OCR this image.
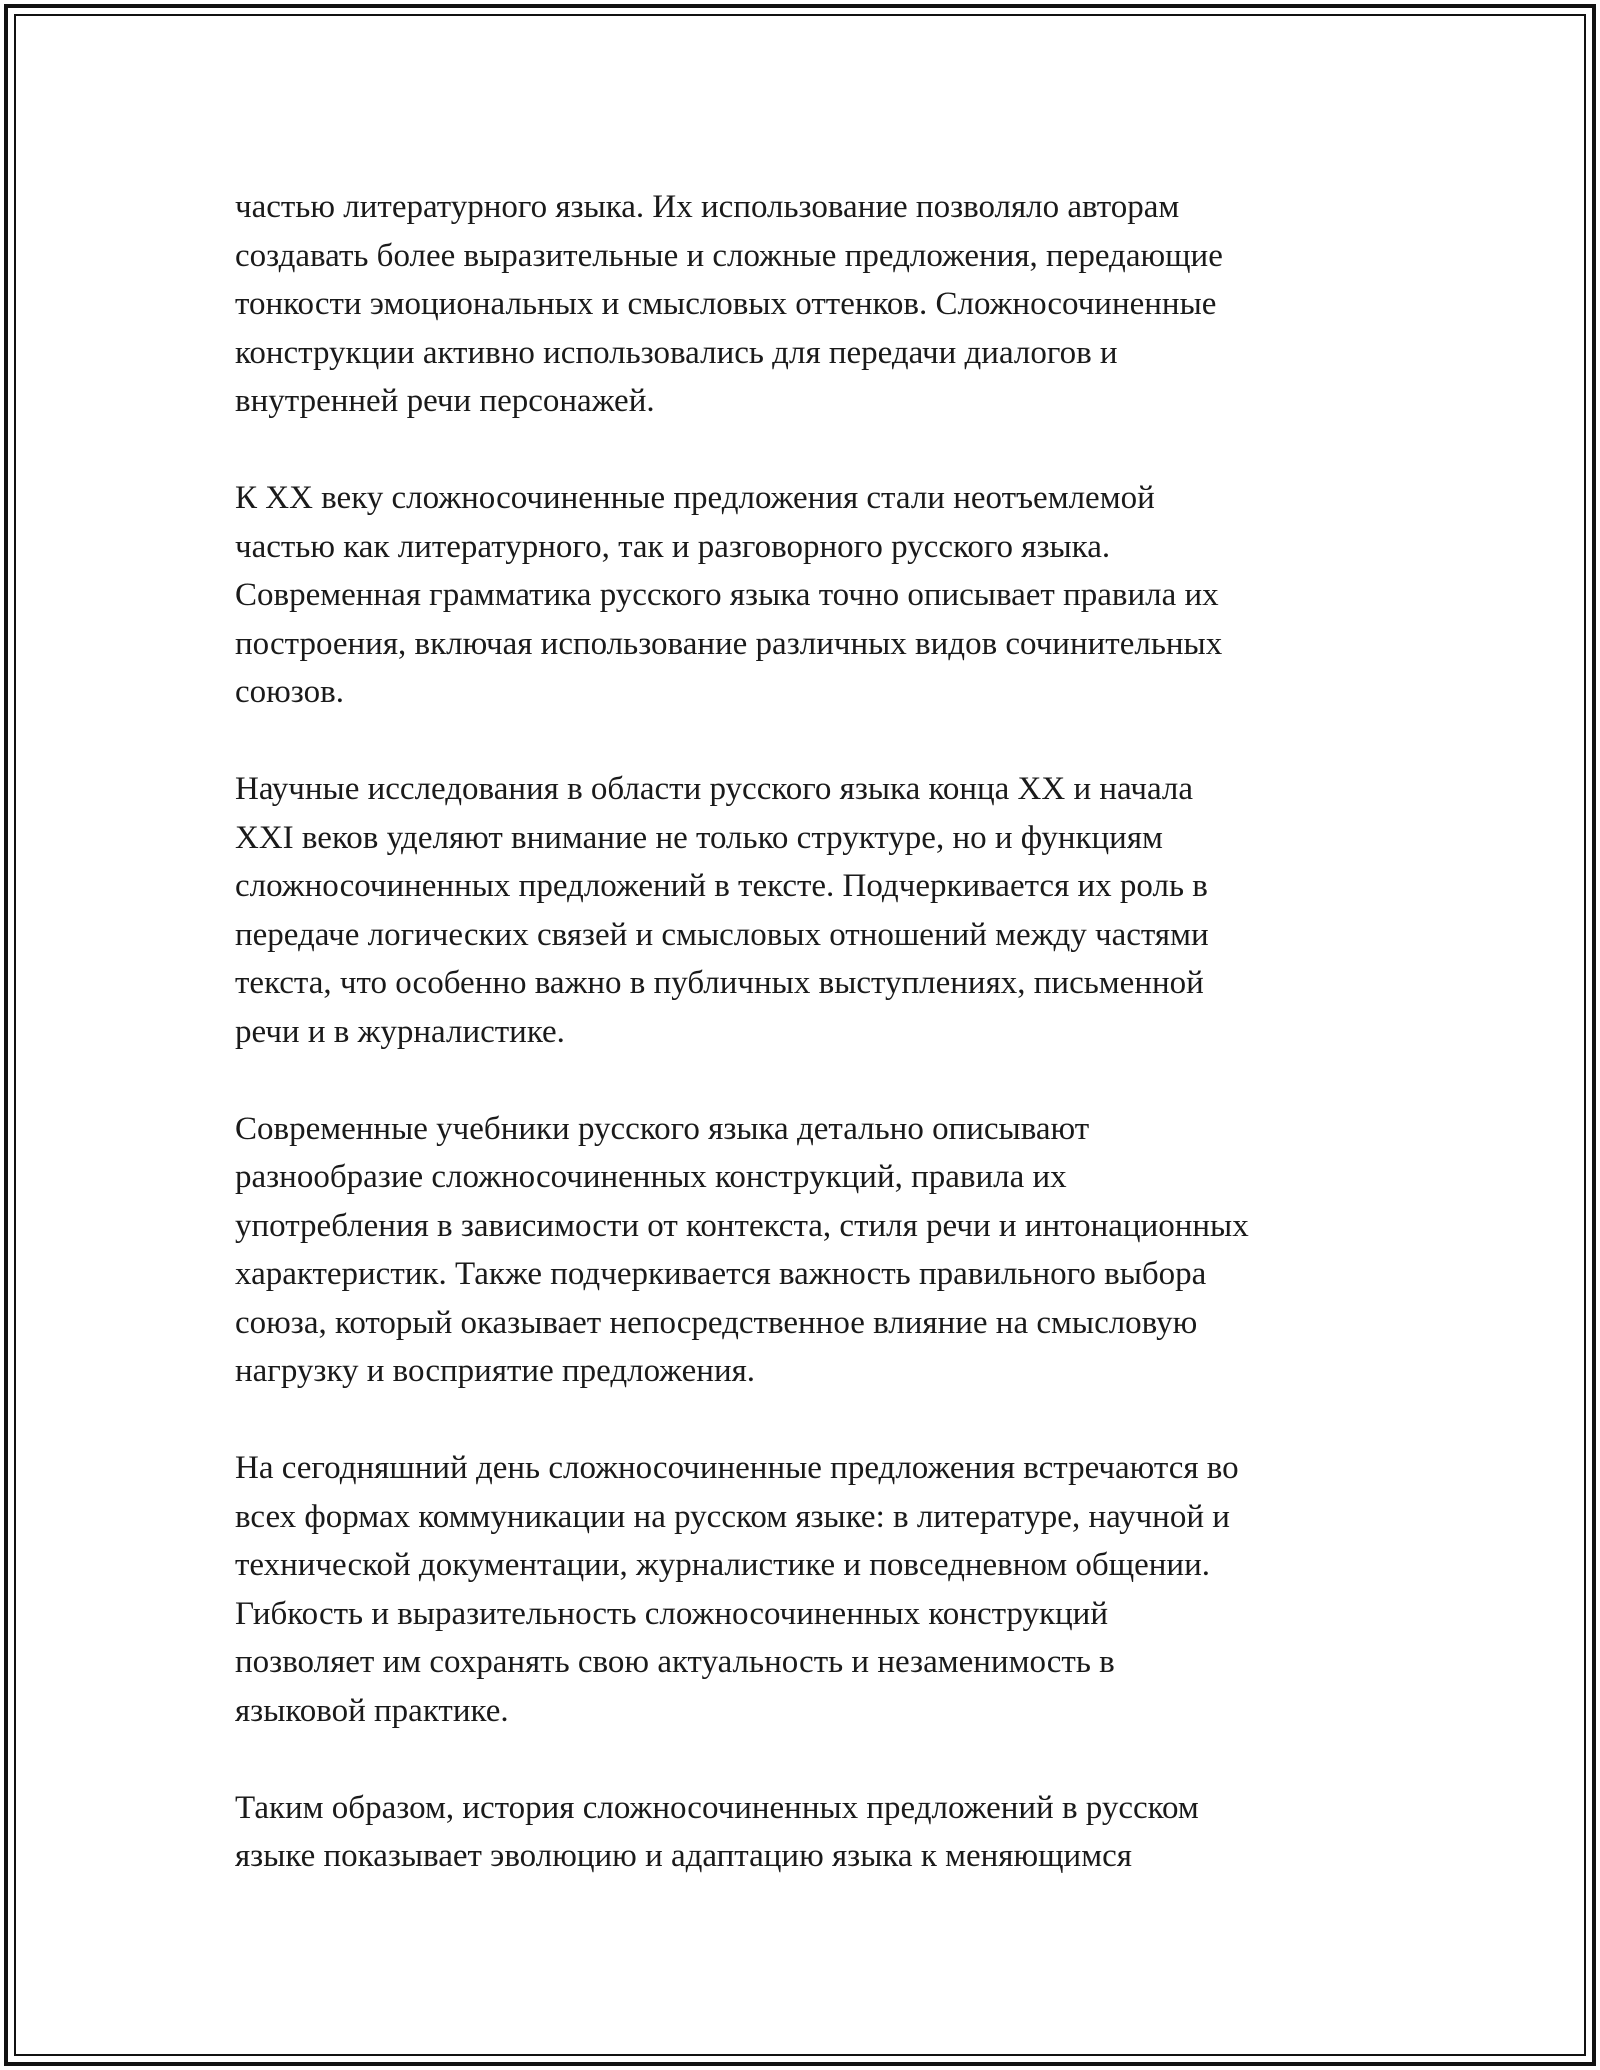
частью литературного языка. Их использование позволяло авторам
создавать более выразительные и сложные предложения, передающие
тонкости эмоциональных и смысловых оттенков. Сложносочиненные
конструкции активно использовались для передачи диалогов и
внутренней речи персонажей.

К XX веку сложносочиненные предложения стали неотъемлемой
частью как литературного, так и разговорного русского языка.
Современная грамматика русского языка точно описывает правила их
построения, включая использование различных видов сочинительных
союзов.

Научные исследования в области русского языка конца XX и начала
XXI веков уделяют внимание не только структуре, но и функциям
сложносочиненных предложений в тексте. Подчеркивается их роль в
передаче логических связей и смысловых отношений между частями
текста, что особенно важно в публичных выступлениях, письменной
речи и в журналистике.

Современные учебники русского языка детально описывают
разнообразие сложносочиненных конструкций, правила их
употребления в зависимости от контекста, стиля речи и интонационных
характеристик. Также подчеркивается важность правильного выбора
союза, который оказывает непосредственное влияние на смысловую
нагрузку и восприятие предложения.

На сегодняшний день сложносочиненные предложения встречаются во
всех формах коммуникации на русском языке: в литературе, научной и
технической документации, журналистике и повседневном общении.
Гибкость и выразительность сложносочиненных конструкций
позволяет им сохранять свою актуальность и незаменимость в
языковой практике.

Таким образом, история сложносочиненных предложений в русском
языке показывает эволюцию и адаптацию языка к меняющимся
